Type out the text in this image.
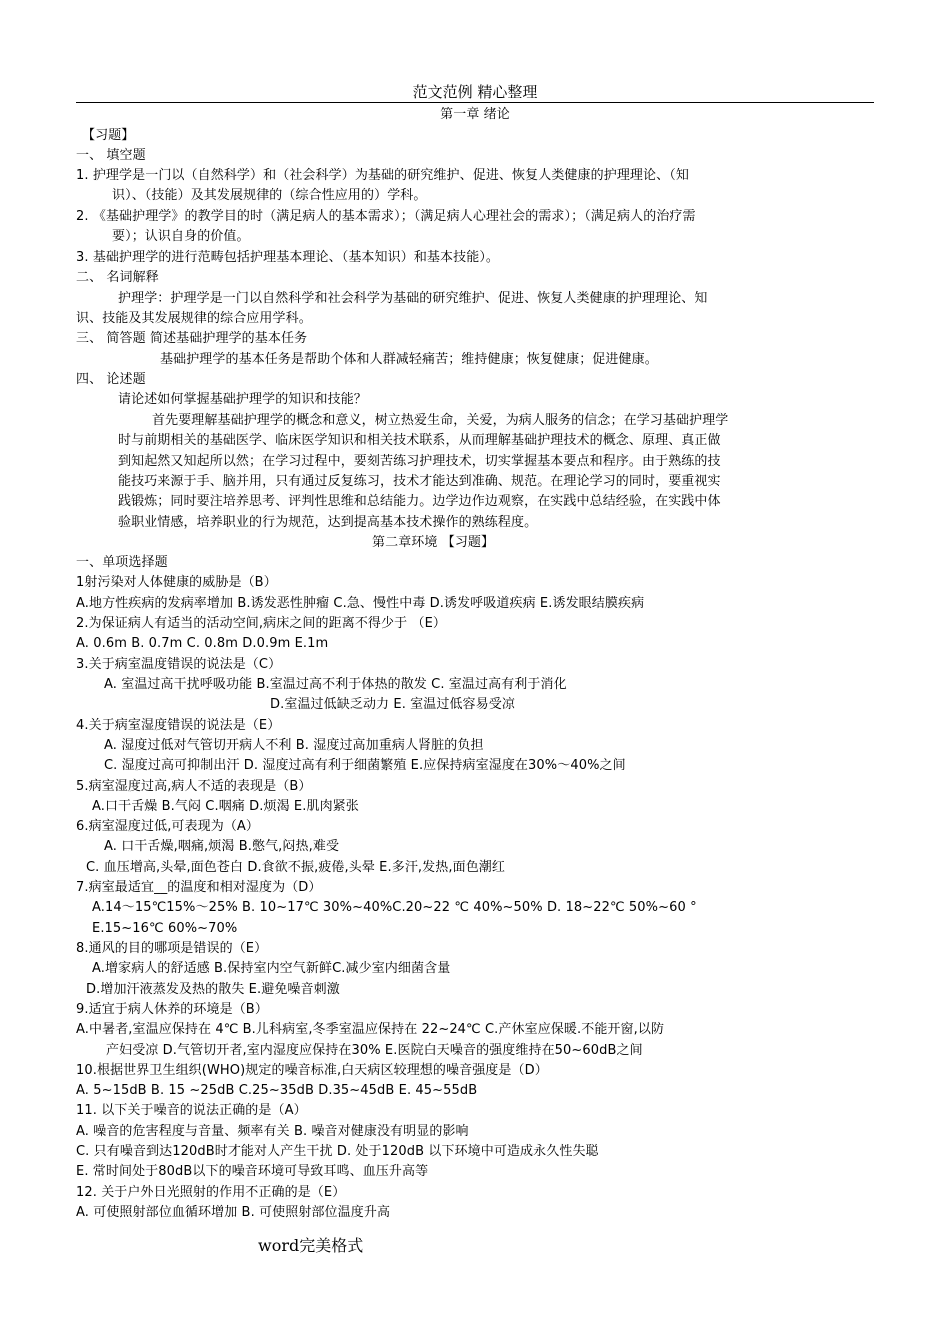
范文范例 精心整理
第一章 绪论
【习题】
一、 填空题
1. 护理学是一门以（自然科学）和（社会科学）为基础的研究维护、促进、恢复人类健康的护理理论、（知
识）、（技能）及其发展规律的（综合性应用的）学科。
2. 《基础护理学》的教学目的时（满足病人的基本需求）；（满足病人心理社会的需求）；（满足病人的治疗需
要）；认识自身的价值。
3. 基础护理学的进行范畴包括护理基本理论、（基本知识）和基本技能）。
二、 名词解释
护理学：护理学是一门以自然科学和社会科学为基础的研究维护、促进、恢复人类健康的护理理论、知
识、技能及其发展规律的综合应用学科。
三、 简答题 简述基础护理学的基本任务
基础护理学的基本任务是帮助个体和人群减轻痛苦；维持健康；恢复健康；促进健康。
四、 论述题
请论述如何掌握基础护理学的知识和技能？
首先要理解基础护理学的概念和意义，树立热爱生命，关爱，为病人服务的信念；在学习基础护理学
时与前期相关的基础医学、临床医学知识和相关技术联系，从而理解基础护理技术的概念、原理、真正做
到知起然又知起所以然；在学习过程中，要刻苦练习护理技术，切实掌握基本要点和程序。由于熟练的技
能技巧来源于手、脑并用，只有通过反复练习，技术才能达到准确、规范。在理论学习的同时，要重视实
践锻炼；同时要注培养思考、评判性思维和总结能力。边学边作边观察，在实践中总结经验，在实践中体
验职业情感，培养职业的行为规范，达到提高基本技术操作的熟练程度。
第二章环境 【习题】
一、单项选择题
1射污染对人体健康的威胁是（B）
A.地方性疾病的发病率增加 B.诱发恶性肿瘤 C.急、慢性中毒 D.诱发呼吸道疾病 E.诱发眼结膜疾病
2.为保证病人有适当的活动空间,病床之间的距离不得少于 （E）
A. 0.6m B. 0.7m C. 0.8m D.0.9m E.1m
3.关于病室温度错误的说法是（C）
A. 室温过高干扰呼吸功能 B.室温过高不利于体热的散发 C. 室温过高有利于消化
D.室温过低缺乏动力 E. 室温过低容易受凉
4.关于病室湿度错误的说法是（E）
A. 湿度过低对气管切开病人不利 B. 湿度过高加重病人肾脏的负担
C. 湿度过高可抑制出汗 D. 湿度过高有利于细菌繁殖 E.应保持病室湿度在30%～40%之间
5.病室湿度过高,病人不适的表现是（B）
A.口干舌燥 B.气闷 C.咽痛 D.烦渴 E.肌肉紧张
6.病室湿度过低,可表现为（A）
A. 口干舌燥,咽痛,烦渴 B.憋气,闷热,难受
C. 血压增高,头晕,面色苍白 D.食欲不振,疲倦,头晕 E.多汗,发热,面色潮红
7.病室最适宜__的温度和相对湿度为（D）
A.14～15℃15%～25% B. 10~17℃ 30%~40%C.20~22 ℃ 40%~50% D. 18~22℃ 50%~60 °
E.15~16℃ 60%~70%
8.通风的目的哪项是错误的（E）
A.增家病人的舒适感 B.保持室内空气新鲜C.减少室内细菌含量
D.增加汗液蒸发及热的散失 E.避免噪音刺激
9.适宜于病人休养的环境是（B）
A.中暑者,室温应保持在 4℃ B.儿科病室,冬季室温应保持在 22~24℃ C.产休室应保暖.不能开窗,以防
产妇受凉 D.气管切开者,室内湿度应保持在30% E.医院白天噪音的强度维持在50~60dB之间
10.根据世界卫生组织(WHO)规定的噪音标准,白天病区较理想的噪音强度是（D）
A. 5~15dB B. 15 ~25dB C.25~35dB D.35~45dB E. 45~55dB
11. 以下关于噪音的说法正确的是（A）
A. 噪音的危害程度与音量、频率有关 B. 噪音对健康没有明显的影响
C. 只有噪音到达120dB时才能对人产生干扰 D. 处于120dB 以下环境中可造成永久性失聪
E. 常时间处于80dB以下的噪音环境可导致耳鸣、血压升高等
12. 关于户外日光照射的作用不正确的是（E）
A. 可使照射部位血循环增加 B. 可使照射部位温度升高
word完美格式
